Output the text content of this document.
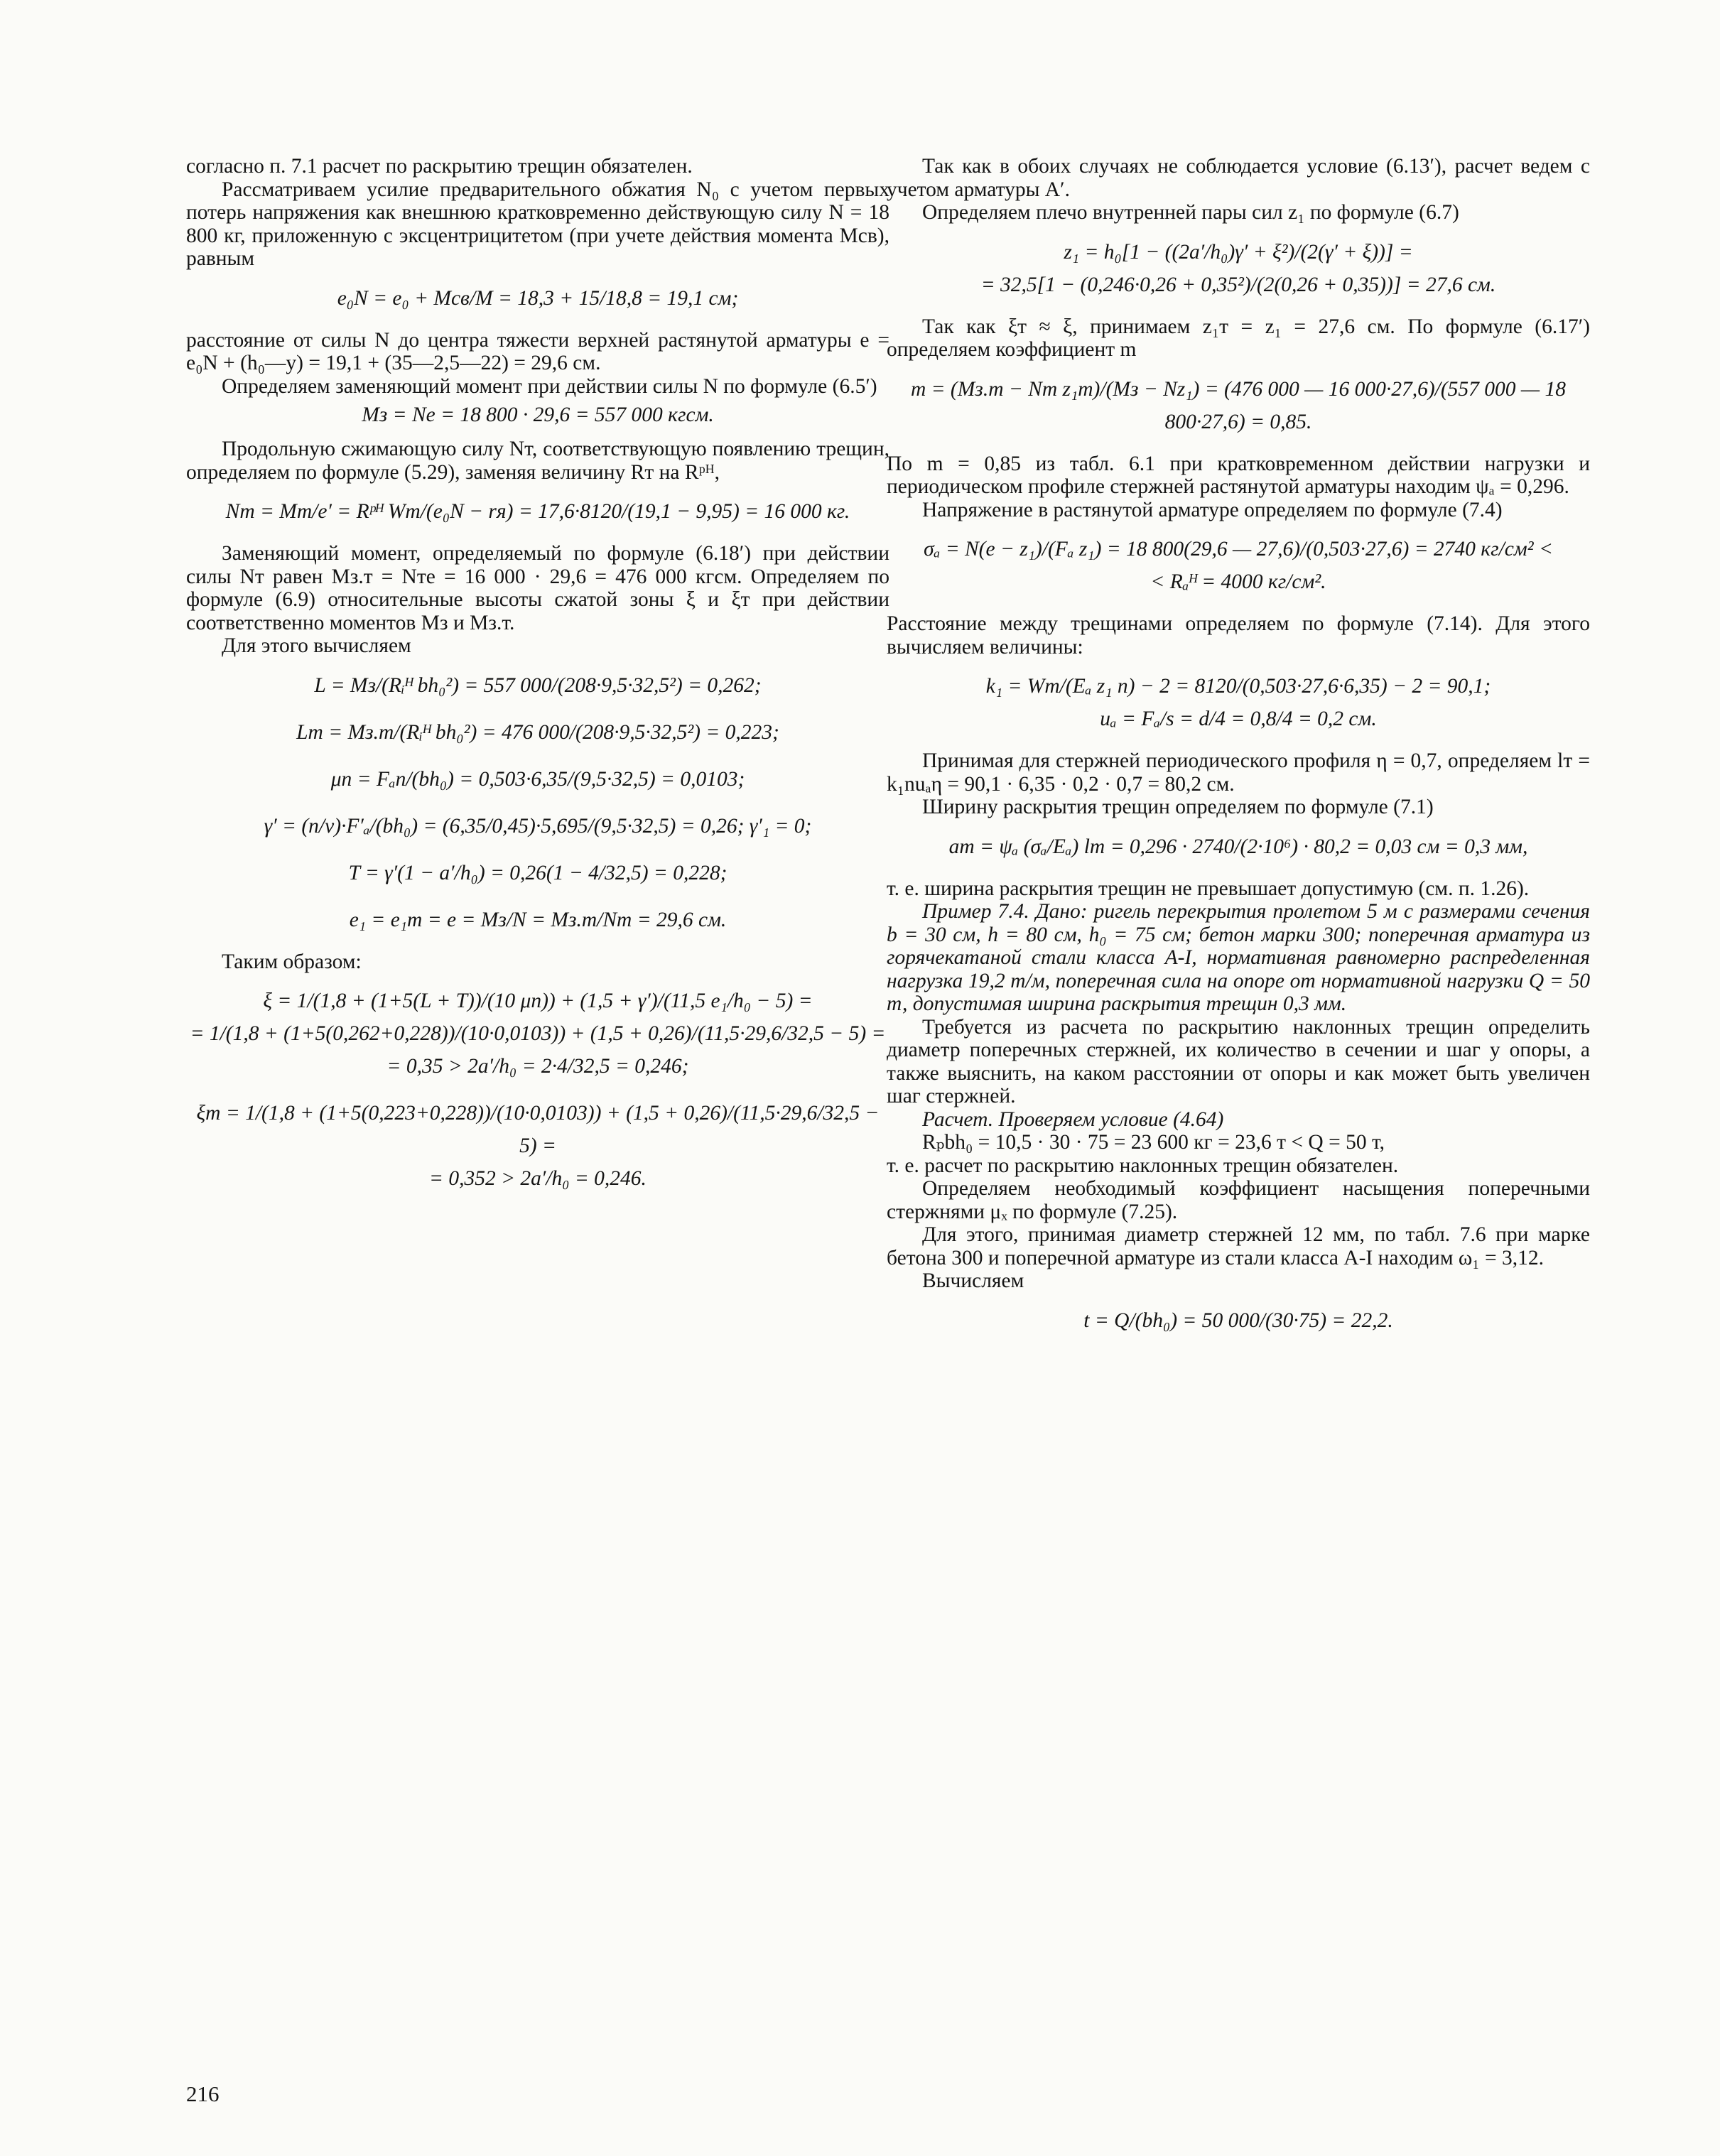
согласно п. 7.1 расчет по раскрытию трещин обязателен.

Рассматриваем усилие предварительного обжатия N₀ с учетом первых потерь напряжения как внешнюю кратковременно действующую силу N = 18 800 кг, приложенную с эксцентрицитетом (при учете действия момента Mсв), равным

e₀N = e₀ + Mсв/M = 18,3 + 15/18,8 = 19,1 см;

расстояние от силы N до центра тяжести верхней растянутой арматуры e = e₀N + (h₀—y) = 19,1 + (35—2,5—22) = 29,6 см.

Определяем заменяющий момент при действии силы N по формуле (6.5′)

Mз = Ne = 18 800 · 29,6 = 557 000 кгсм.

Продольную сжимающую силу Nт, соответствующую появлению трещин, определяем по формуле (5.29), заменяя величину Rт на Rᵖᴴ,

Nт = Mт/e′ = Rᵖᴴ Wт/(e₀N − rя) = 17,6·8120/(19,1 − 9,95) = 16 000 кг.

Заменяющий момент, определяемый по формуле (6.18′) при действии силы Nт равен Mз.т = Nтe = 16 000 · 29,6 = 476 000 кгсм. Определяем по формуле (6.9) относительные высоты сжатой зоны ξ и ξт при действии соответственно моментов Mз и Mз.т.

Для этого вычисляем

L = Mз/(Rᵢᴴ bh₀²) = 557 000/(208·9,5·32,5²) = 0,262;

Lт = Mз.т/(Rᵢᴴ bh₀²) = 476 000/(208·9,5·32,5²) = 0,223;

μn = Fₐn/(bh₀) = 0,503·6,35/(9,5·32,5) = 0,0103;

γ′ = (n/ν)·F′ₐ/(bh₀) = (6,35/0,45)·5,695/(9,5·32,5) = 0,26; γ′₁ = 0;

T = γ′(1 − a′/h₀) = 0,26(1 − 4/32,5) = 0,228;

e₁ = e₁т = e = Mз/N = Mз.т/Nт = 29,6 см.

Таким образом:

ξ = 1/(1,8 + (1+5(L + T))/(10 μn)) + (1,5 + γ′)/(11,5 e₁/h₀ − 5) =
= 1/(1,8 + (1+5(0,262+0,228))/(10·0,0103)) + (1,5 + 0,26)/(11,5·29,6/32,5 − 5) =
= 0,35 > 2a′/h₀ = 2·4/32,5 = 0,246;

ξт = 1/(1,8 + (1+5(0,223+0,228))/(10·0,0103)) + (1,5 + 0,26)/(11,5·29,6/32,5 − 5) =
= 0,352 > 2a′/h₀ = 0,246.

Так как в обоих случаях не соблюдается условие (6.13′), расчет ведем с учетом арматуры A′.

Определяем плечо внутренней пары сил z₁ по формуле (6.7)

z₁ = h₀[1 − ((2a′/h₀)γ′ + ξ²)/(2(γ′ + ξ))] =
= 32,5[1 − (0,246·0,26 + 0,35²)/(2(0,26 + 0,35))] = 27,6 см.

Так как ξт ≈ ξ, принимаем z₁т = z₁ = 27,6 см. По формуле (6.17′) определяем коэффициент m

m = (Mз.т − Nт z₁т)/(Mз − Nz₁) = (476 000 — 16 000·27,6)/(557 000 — 18 800·27,6) = 0,85.

По m = 0,85 из табл. 6.1 при кратковременном действии нагрузки и периодическом профиле стержней растянутой арматуры находим ψₐ = 0,296.

Напряжение в растянутой арматуре определяем по формуле (7.4)

σₐ = N(e − z₁)/(Fₐ z₁) = 18 800(29,6 — 27,6)/(0,503·27,6) = 2740 кг/см² <
< Rₐᴴ = 4000 кг/см².

Расстояние между трещинами определяем по формуле (7.14). Для этого вычисляем величины:

k₁ = Wт/(Eₐ z₁ n) − 2 = 8120/(0,503·27,6·6,35) − 2 = 90,1;
uₐ = Fₐ/s = d/4 = 0,8/4 = 0,2 см.

Принимая для стержней периодического профиля η = 0,7, определяем lт = k₁nuₐη = 90,1 · 6,35 · 0,2 · 0,7 = 80,2 см.

Ширину раскрытия трещин определяем по формуле (7.1)

aт = ψₐ (σₐ/Eₐ) lт = 0,296 · 2740/(2·10⁶) · 80,2 = 0,03 см = 0,3 мм,

т. е. ширина раскрытия трещин не превышает допустимую (см. п. 1.26).

Пример 7.4. Дано: ригель перекрытия пролетом 5 м с размерами сечения b = 30 см, h = 80 см, h₀ = 75 см; бетон марки 300; поперечная арматура из горячекатаной стали класса A-I, нормативная равномерно распределенная нагрузка 19,2 т/м, поперечная сила на опоре от нормативной нагрузки Q = 50 т, допустимая ширина раскрытия трещин 0,3 мм.

Требуется из расчета по раскрытию наклонных трещин определить диаметр поперечных стержней, их количество в сечении и шаг у опоры, а также выяснить, на каком расстоянии от опоры и как может быть увеличен шаг стержней.

Расчет. Проверяем условие (4.64)

Rₚbh₀ = 10,5 · 30 · 75 = 23 600 кг = 23,6 т < Q = 50 т,

т. е. расчет по раскрытию наклонных трещин обязателен.

Определяем необходимый коэффициент насыщения поперечными стержнями μₓ по формуле (7.25).

Для этого, принимая диаметр стержней 12 мм, по табл. 7.6 при марке бетона 300 и поперечной арматуре из стали класса A-I находим ω₁ = 3,12.

Вычисляем

t = Q/(bh₀) = 50 000/(30·75) = 22,2.

216
